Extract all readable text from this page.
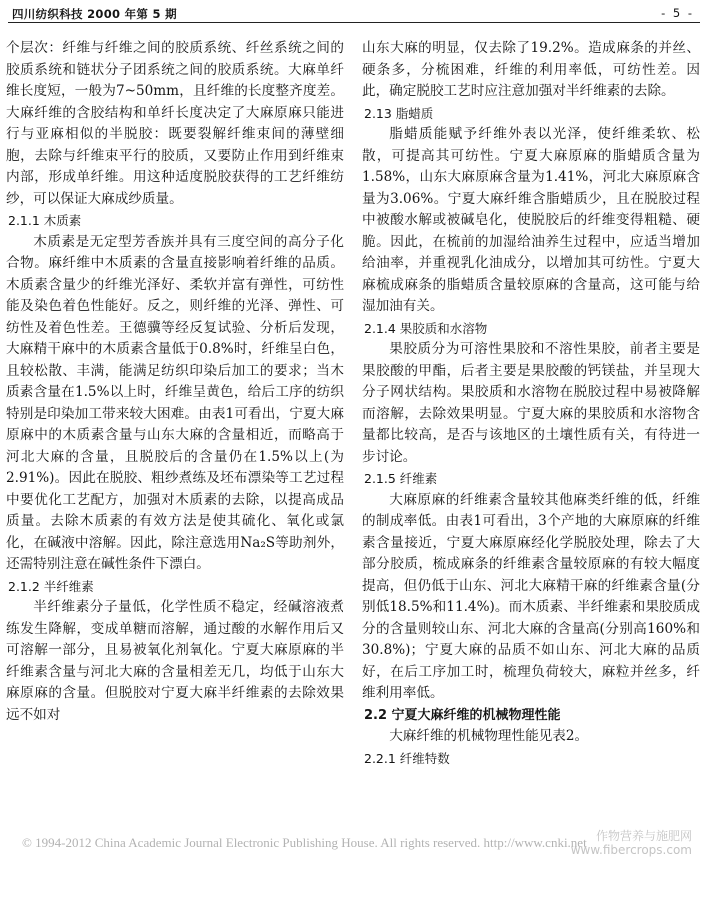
四川纺织科技 2000 年第 5 期	- 5 -

个层次：纤维与纤维之间的胶质系统、纤丝系统之间的胶质系统和链状分子团系统之间的胶质系统。大麻单纤维长度短，一般为7~50mm，且纤维的长度整齐度差。大麻纤维的含胶结构和单纤长度决定了大麻原麻只能进行与亚麻相似的半脱胶：既要裂解纤维束间的薄壁细胞，去除与纤维束平行的胶质，又要防止作用到纤维束内部，形成单纤维。用这种适度脱胶获得的工艺纤维纺纱，可以保证大麻成纱质量。

2.1.1 木质素

木质素是无定型芳香族并具有三度空间的高分子化合物。麻纤维中木质素的含量直接影响着纤维的品质。木质素含量少的纤维光泽好、柔软并富有弹性，可纺性能及染色着色性能好。反之，则纤维的光泽、弹性、可纺性及着色性差。王德骥等经反复试验、分析后发现，大麻精干麻中的木质素含量低于0.8%时，纤维呈白色，且较松散、丰满，能满足纺织印染后加工的要求；当木质素含量在1.5%以上时，纤维呈黄色，给后工序的纺织特别是印染加工带来较大困难。由表1可看出，宁夏大麻原麻中的木质素含量与山东大麻的含量相近，而略高于河北大麻的含量，且脱胶后的含量仍在1.5%以上(为2.91%)。因此在脱胶、粗纱煮练及坯布漂染等工艺过程中要优化工艺配方，加强对木质素的去除，以提高成品质量。去除木质素的有效方法是使其硫化、氧化或氯化，在碱液中溶解。因此，除注意选用Na₂S等助剂外，还需特别注意在碱性条件下漂白。

2.1.2 半纤维素

半纤维素分子量低，化学性质不稳定，经碱溶液煮练发生降解，变成单糖而溶解，通过酸的水解作用后又可溶解一部分，且易被氧化剂氧化。宁夏大麻原麻的半纤维素含量与河北大麻的含量相差无几，均低于山东大麻原麻的含量。但脱胶对宁夏大麻半纤维素的去除效果远不如对

山东大麻的明显，仅去除了19.2%。造成麻条的并丝、硬条多，分梳困难，纤维的利用率低，可纺性差。因此，确定脱胶工艺时应注意加强对半纤维素的去除。

2.13 脂蜡质

脂蜡质能赋予纤维外表以光泽，使纤维柔软、松散，可提高其可纺性。宁夏大麻原麻的脂蜡质含量为1.58%，山东大麻原麻含量为1.41%，河北大麻原麻含量为3.06%。宁夏大麻纤维含脂蜡质少，且在脱胶过程中被酸水解或被碱皂化，使脱胶后的纤维变得粗糙、硬脆。因此，在梳前的加湿给油养生过程中，应适当增加给油率，并重视乳化油成分，以增加其可纺性。宁夏大麻梳成麻条的脂蜡质含量较原麻的含量高，这可能与给湿加油有关。

2.1.4 果胶质和水溶物

果胶质分为可溶性果胶和不溶性果胶，前者主要是果胶酸的甲酯，后者主要是果胶酸的钙镁盐，并呈现大分子网状结构。果胶质和水溶物在脱胶过程中易被降解而溶解，去除效果明显。宁夏大麻的果胶质和水溶物含量都比较高，是否与该地区的土壤性质有关，有待进一步讨论。

2.1.5 纤维素

大麻原麻的纤维素含量较其他麻类纤维的低，纤维的制成率低。由表1可看出，3个产地的大麻原麻的纤维素含量接近，宁夏大麻原麻经化学脱胶处理，除去了大部分胶质，梳成麻条的纤维素含量较原麻的有较大幅度提高，但仍低于山东、河北大麻精干麻的纤维素含量(分别低18.5%和11.4%)。而木质素、半纤维素和果胶质成分的含量则较山东、河北大麻的含量高(分别高160%和30.8%)；宁夏大麻的品质不如山东、河北大麻的品质好，在后工序加工时，梳理负荷较大，麻粒并丝多，纤维利用率低。

2.2 宁夏大麻纤维的机械物理性能

大麻纤维的机械物理性能见表2。

2.2.1 纤维特数
© 1994-2012 China Academic Journal Electronic Publishing House. All rights reserved. http://www.cnki.net 作物营养与施肥网
www.fibercrops.com
